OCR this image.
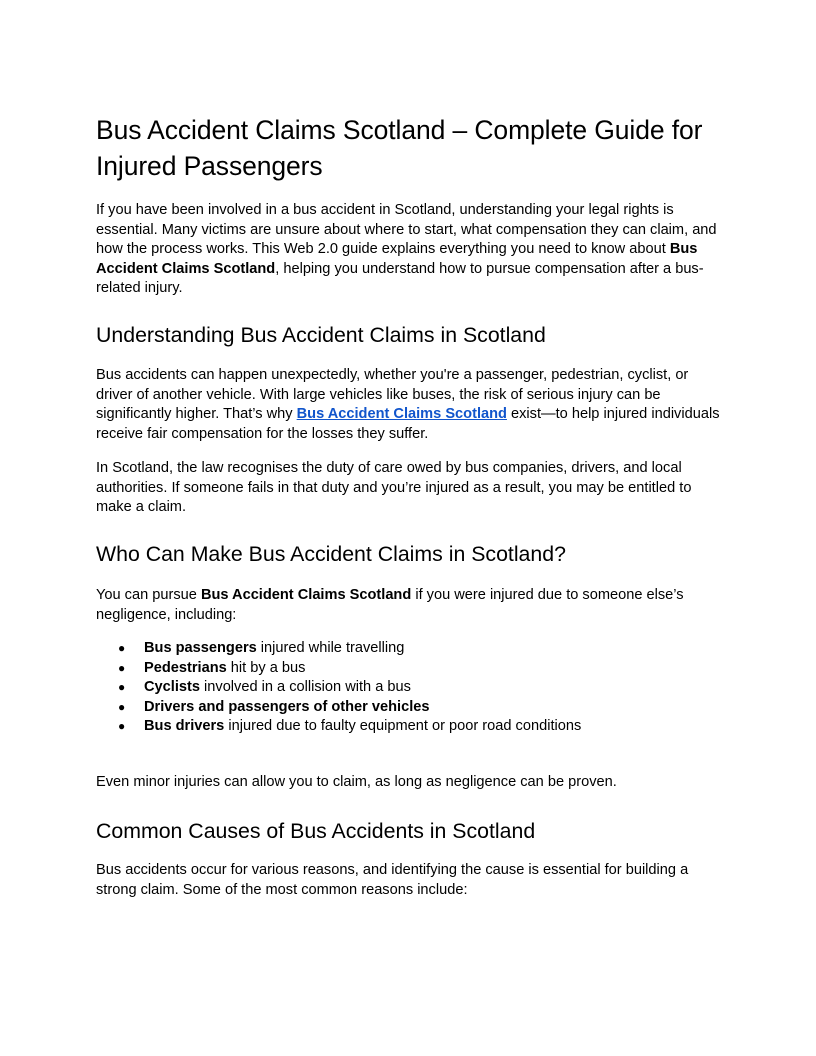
Bus Accident Claims Scotland – Complete Guide for Injured Passengers

If you have been involved in a bus accident in Scotland, understanding your legal rights is essential. Many victims are unsure about where to start, what compensation they can claim, and how the process works. This Web 2.0 guide explains everything you need to know about Bus Accident Claims Scotland, helping you understand how to pursue compensation after a bus-related injury.

Understanding Bus Accident Claims in Scotland

Bus accidents can happen unexpectedly, whether you're a passenger, pedestrian, cyclist, or driver of another vehicle. With large vehicles like buses, the risk of serious injury can be significantly higher. That’s why Bus Accident Claims Scotland exist—to help injured individuals receive fair compensation for the losses they suffer.

In Scotland, the law recognises the duty of care owed by bus companies, drivers, and local authorities. If someone fails in that duty and you’re injured as a result, you may be entitled to make a claim.

Who Can Make Bus Accident Claims in Scotland?

You can pursue Bus Accident Claims Scotland if you were injured due to someone else’s negligence, including:

● Bus passengers injured while travelling
● Pedestrians hit by a bus
● Cyclists involved in a collision with a bus
● Drivers and passengers of other vehicles
● Bus drivers injured due to faulty equipment or poor road conditions

Even minor injuries can allow you to claim, as long as negligence can be proven.

Common Causes of Bus Accidents in Scotland

Bus accidents occur for various reasons, and identifying the cause is essential for building a strong claim. Some of the most common reasons include:
